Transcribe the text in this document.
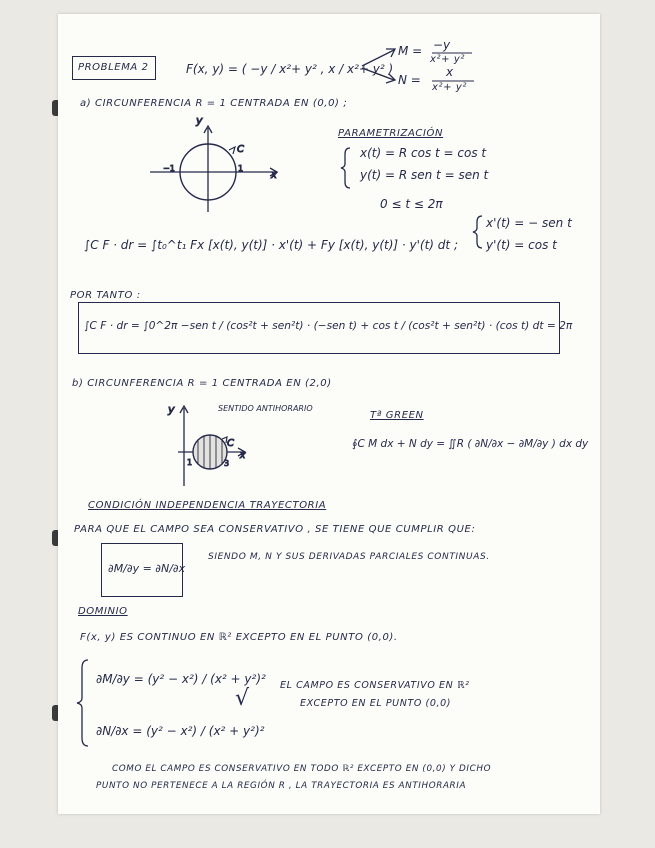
PROBLEMA 2	F(x, y) = ( −y / x²+ y² , x / x²+ y² )
M = −y
x²+ y²
N =
x
x²+ y²
a) CIRCUNFERENCIA R = 1 CENTRADA EN (0,0) ;
PARAMETRIZACIÓN
x(t) = R cos t = cos t
y(t) = R sen t = sen t
0 ≤ t ≤ 2π
∫C F · dr = ∫t₀^t₁ Fx [x(t), y(t)] · x'(t) + Fy [x(t), y(t)] · y'(t) dt ;
x'(t) = − sen t
y'(t) = cos t
POR TANTO :
∫C F · dr = ∫0^2π −sen t / (cos²t + sen²t) · (−sen t) + cos t / (cos²t + sen²t) · (cos t) dt = 2π
b) CIRCUNFERENCIA R = 1 CENTRADA EN (2,0)
SENTIDO ANTIHORARIO
Tª GREEN
∮C M dx + N dy = ∬R ( ∂N/∂x − ∂M/∂y ) dx dy
CONDICIÓN INDEPENDENCIA TRAYECTORIA
PARA QUE EL CAMPO SEA CONSERVATIVO , SE TIENE QUE CUMPLIR QUE:
∂M/∂y = ∂N/∂x
SIENDO M, N Y SUS DERIVADAS PARCIALES CONTINUAS.
DOMINIO
F(x, y) ES CONTINUO EN ℝ² EXCEPTO EN EL PUNTO (0,0).
∂M/∂y = (y² − x²) / (x² + y²)²
∂N/∂x = (y² − x²) / (x² + y²)²
√
EL CAMPO ES CONSERVATIVO EN ℝ²
EXCEPTO EN EL PUNTO (0,0)
COMO EL CAMPO ES CONSERVATIVO EN TODO ℝ² EXCEPTO EN (0,0) Y DICHO
PUNTO NO PERTENECE A LA REGIÓN R , LA TRAYECTORIA ES ANTIHORARIA
y
x
C
−1	1
y
x
C
1	3
